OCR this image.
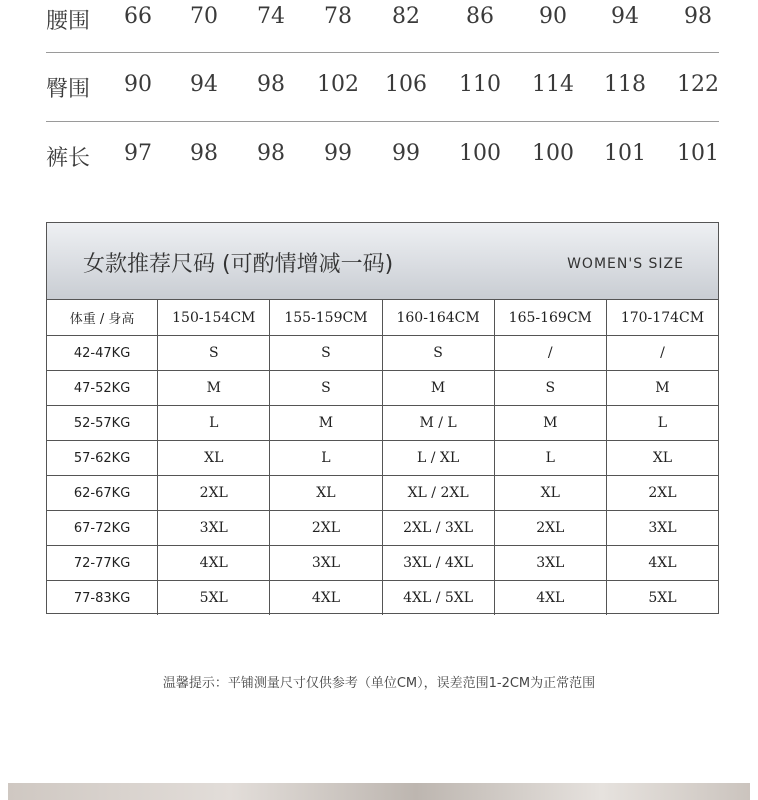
腰围	66	70	74	78	82	86	90	94	98
臀围	90	94	98	102	106	110	114	118	122
裤长	97	98	98	99	99	100	100	101	101
女款推荐尺码 (可酌情增减一码)	WOMEN'S SIZE
体重 / 身高	150-154CM	155-159CM	160-164CM	165-169CM	170-174CM
42-47KG	S	S	S	/	/
47-52KG	M	S	M	S	M
52-57KG	L	M	M / L	M	L
57-62KG	XL	L	L / XL	L	XL
62-67KG	2XL	XL	XL / 2XL	XL	2XL
67-72KG	3XL	2XL	2XL / 3XL	2XL	3XL
72-77KG	4XL	3XL	3XL / 4XL	3XL	4XL
77-83KG	5XL	4XL	4XL / 5XL	4XL	5XL
温馨提示：平铺测量尺寸仅供参考（单位CM），误差范围1-2CM为正常范围
